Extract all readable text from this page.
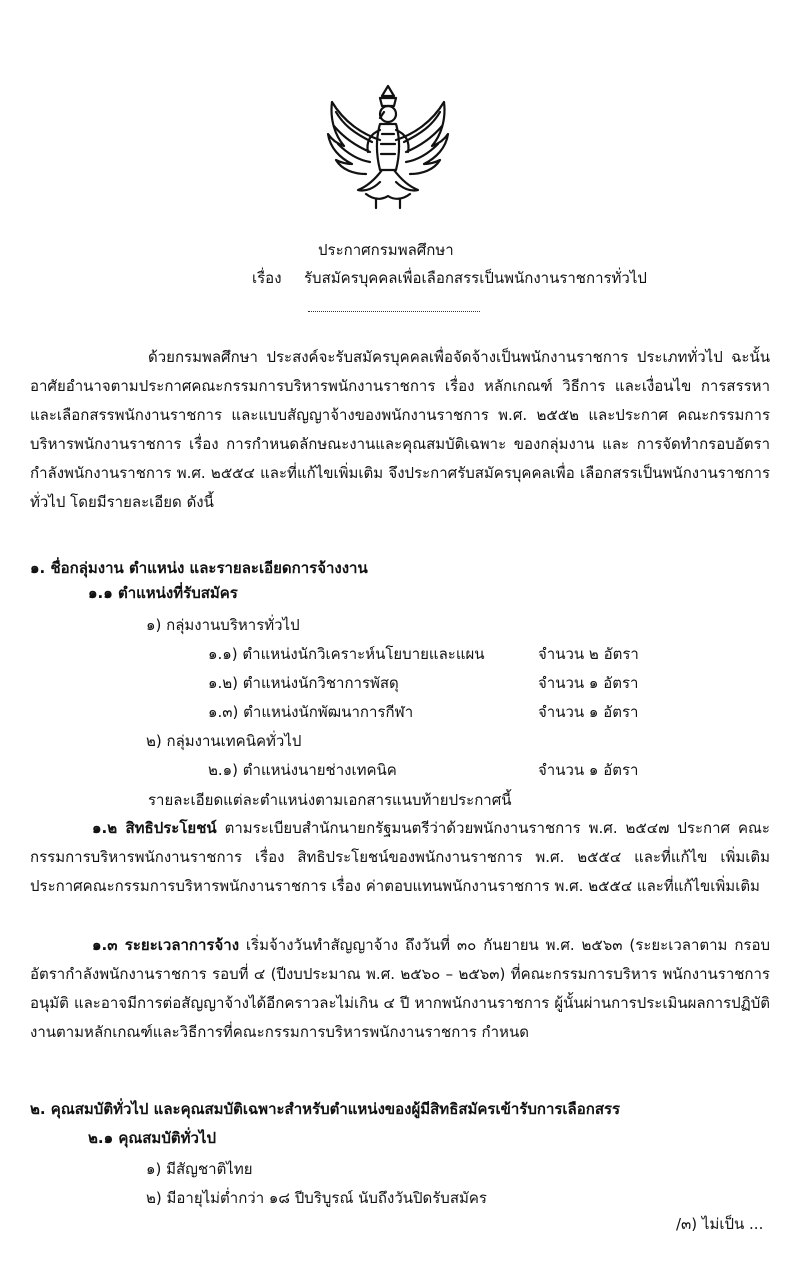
ประกาศกรมพลศึกษา
เรื่อง รับสมัครบุคคลเพื่อเลือกสรรเป็นพนักงานราชการทั่วไป
ด้วยกรมพลศึกษา ประสงค์จะรับสมัครบุคคลเพื่อจัดจ้างเป็นพนักงานราชการ ประเภททั่วไป ฉะนั้น อาศัยอำนาจตามประกาศคณะกรรมการบริหารพนักงานราชการ เรื่อง หลักเกณฑ์ วิธีการ และเงื่อนไข การสรรหาและเลือกสรรพนักงานราชการ และแบบสัญญาจ้างของพนักงานราชการ พ.ศ. ๒๕๕๒ และประกาศ คณะกรรมการบริหารพนักงานราชการ เรื่อง การกำหนดลักษณะงานและคุณสมบัติเฉพาะ ของกลุ่มงาน และ การจัดทำกรอบอัตรากำลังพนักงานราชการ พ.ศ. ๒๕๕๔ และที่แก้ไขเพิ่มเติม จึงประกาศรับสมัครบุคคลเพื่อ เลือกสรรเป็นพนักงานราชการทั่วไป โดยมีรายละเอียด ดังนี้
๑. ชื่อกลุ่มงาน ตำแหน่ง และรายละเอียดการจ้างงาน
๑.๑ ตำแหน่งที่รับสมัคร
๑) กลุ่มงานบริหารทั่วไป
๑.๑) ตำแหน่งนักวิเคราะห์นโยบายและแผน	จำนวน ๒ อัตรา
๑.๒) ตำแหน่งนักวิชาการพัสดุ	จำนวน ๑ อัตรา
๑.๓) ตำแหน่งนักพัฒนาการกีฬา	จำนวน ๑ อัตรา
๒) กลุ่มงานเทคนิคทั่วไป
๒.๑) ตำแหน่งนายช่างเทคนิค	จำนวน ๑ อัตรา
รายละเอียดแต่ละตำแหน่งตามเอกสารแนบท้ายประกาศนี้
๑.๒ สิทธิประโยชน์ ตามระเบียบสำนักนายกรัฐมนตรีว่าด้วยพนักงานราชการ พ.ศ. ๒๕๔๗ ประกาศ คณะกรรมการบริหารพนักงานราชการ เรื่อง สิทธิประโยชน์ของพนักงานราชการ พ.ศ. ๒๕๕๔ และที่แก้ไข เพิ่มเติม ประกาศคณะกรรมการบริหารพนักงานราชการ เรื่อง ค่าตอบแทนพนักงานราชการ พ.ศ. ๒๕๕๔ และที่แก้ไขเพิ่มเติม
๑.๓ ระยะเวลาการจ้าง เริ่มจ้างวันทำสัญญาจ้าง ถึงวันที่ ๓๐ กันยายน พ.ศ. ๒๕๖๓ (ระยะเวลาตาม กรอบอัตรากำลังพนักงานราชการ รอบที่ ๔ (ปีงบประมาณ พ.ศ. ๒๕๖๐ – ๒๕๖๓) ที่คณะกรรมการบริหาร พนักงานราชการอนุมัติ และอาจมีการต่อสัญญาจ้างได้อีกคราวละไม่เกิน ๔ ปี หากพนักงานราชการ ผู้นั้นผ่านการประเมินผลการปฏิบัติงานตามหลักเกณฑ์และวิธีการที่คณะกรรมการบริหารพนักงานราชการ กำหนด
๒. คุณสมบัติทั่วไป และคุณสมบัติเฉพาะสำหรับตำแหน่งของผู้มีสิทธิสมัครเข้ารับการเลือกสรร
๒.๑ คุณสมบัติทั่วไป
๑) มีสัญชาติไทย
๒) มีอายุไม่ต่ำกว่า ๑๘ ปีบริบูรณ์ นับถึงวันปิดรับสมัคร
/๓) ไม่เป็น ...
